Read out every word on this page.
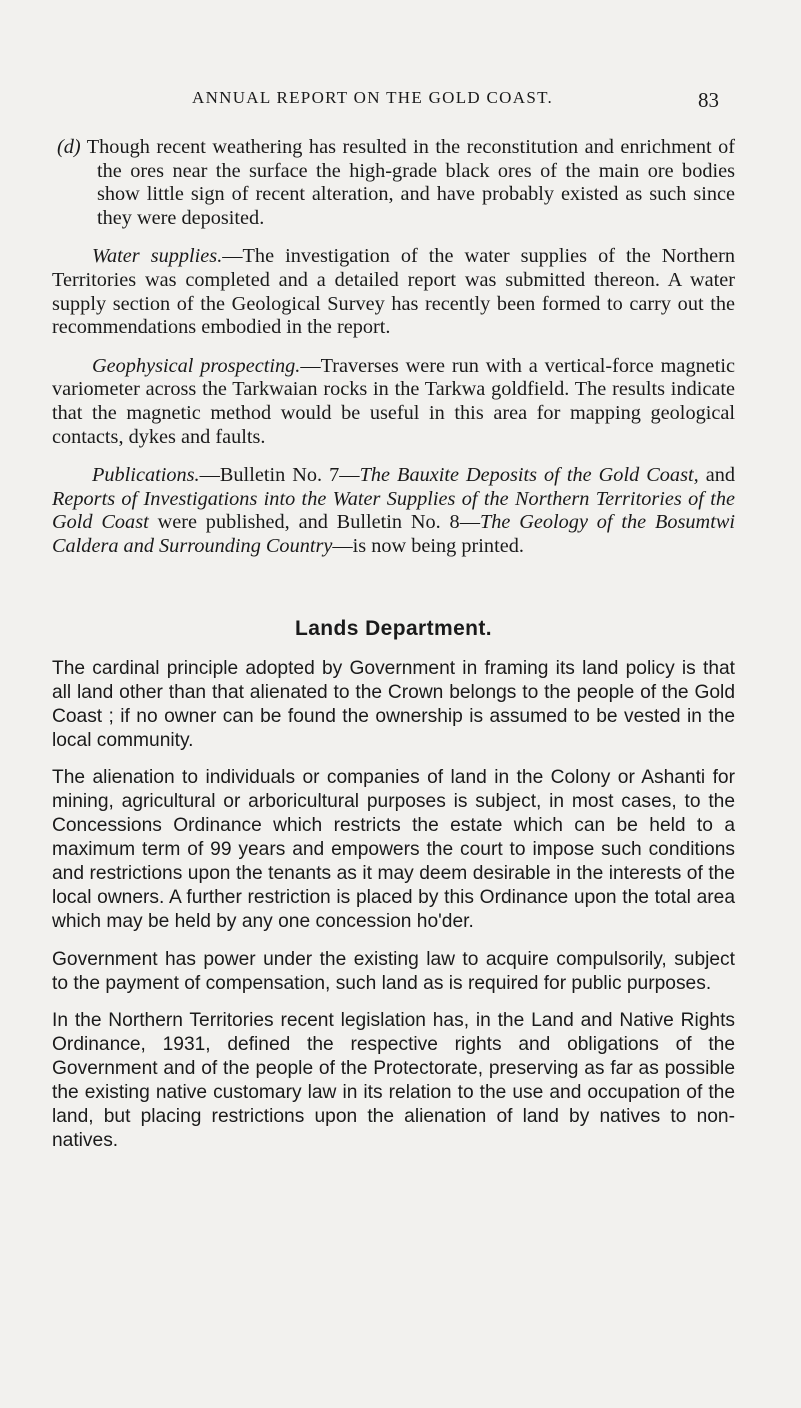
ANNUAL REPORT ON THE GOLD COAST.	83

(d) Though recent weathering has resulted in the reconstitution and enrichment of the ores near the surface the high-grade black ores of the main ore bodies show little sign of recent alteration, and have probably existed as such since they were deposited.

Water supplies.—The investigation of the water supplies of the Northern Territories was completed and a detailed report was submitted thereon. A water supply section of the Geological Survey has recently been formed to carry out the recommendations embodied in the report.

Geophysical prospecting.—Traverses were run with a vertical-force magnetic variometer across the Tarkwaian rocks in the Tarkwa goldfield. The results indicate that the magnetic method would be useful in this area for mapping geological contacts, dykes and faults.

Publications.—Bulletin No. 7—The Bauxite Deposits of the Gold Coast, and Reports of Investigations into the Water Supplies of the Northern Territories of the Gold Coast were published, and Bulletin No. 8—The Geology of the Bosumtwi Caldera and Surrounding Country—is now being printed.

Lands Department.

The cardinal principle adopted by Government in framing its land policy is that all land other than that alienated to the Crown belongs to the people of the Gold Coast ; if no owner can be found the ownership is assumed to be vested in the local community.

The alienation to individuals or companies of land in the Colony or Ashanti for mining, agricultural or arboricultural purposes is subject, in most cases, to the Concessions Ordinance which restricts the estate which can be held to a maximum term of 99 years and empowers the court to impose such conditions and restrictions upon the tenants as it may deem desirable in the interests of the local owners. A further restriction is placed by this Ordinance upon the total area which may be held by any one concession ho'der.

Government has power under the existing law to acquire compulsorily, subject to the payment of compensation, such land as is required for public purposes.

In the Northern Territories recent legislation has, in the Land and Native Rights Ordinance, 1931, defined the respective rights and obligations of the Government and of the people of the Protectorate, preserving as far as possible the existing native customary law in its relation to the use and occupation of the land, but placing restrictions upon the alienation of land by natives to non-natives.
